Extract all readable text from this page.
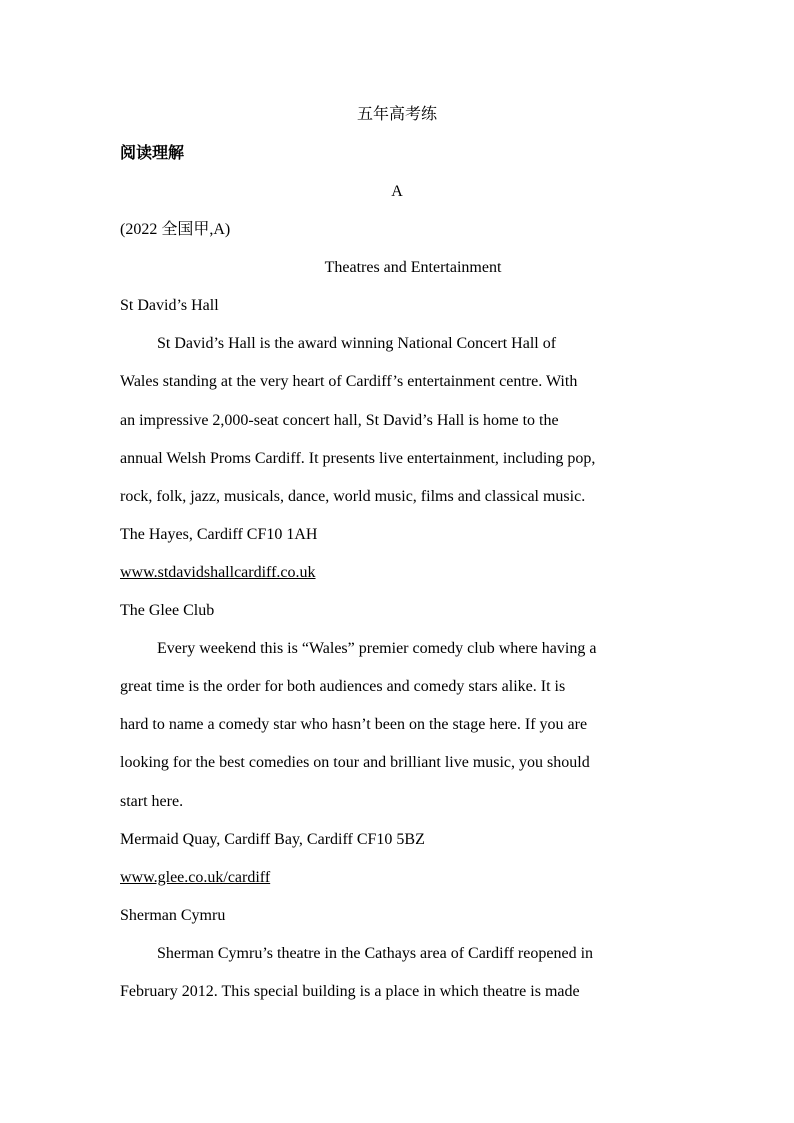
五年高考练
阅读理解
A
(2022 全国甲,A)
Theatres and Entertainment
St David’s Hall
St David’s Hall is the award winning National Concert Hall of
Wales standing at the very heart of Cardiff’s entertainment centre. With
an impressive 2,000-seat concert hall, St David’s Hall is home to the
annual Welsh Proms Cardiff. It presents live entertainment, including pop,
rock, folk, jazz, musicals, dance, world music, films and classical music.
The Hayes, Cardiff CF10 1AH
www.stdavidshallcardiff.co.uk
The Glee Club
Every weekend this is “Wales” premier comedy club where having a
great time is the order for both audiences and comedy stars alike. It is
hard to name a comedy star who hasn’t been on the stage here. If you are
looking for the best comedies on tour and brilliant live music, you should
start here.
Mermaid Quay, Cardiff Bay, Cardiff CF10 5BZ
www.glee.co.uk/cardiff
Sherman Cymru
Sherman Cymru’s theatre in the Cathays area of Cardiff reopened in
February 2012. This special building is a place in which theatre is made
